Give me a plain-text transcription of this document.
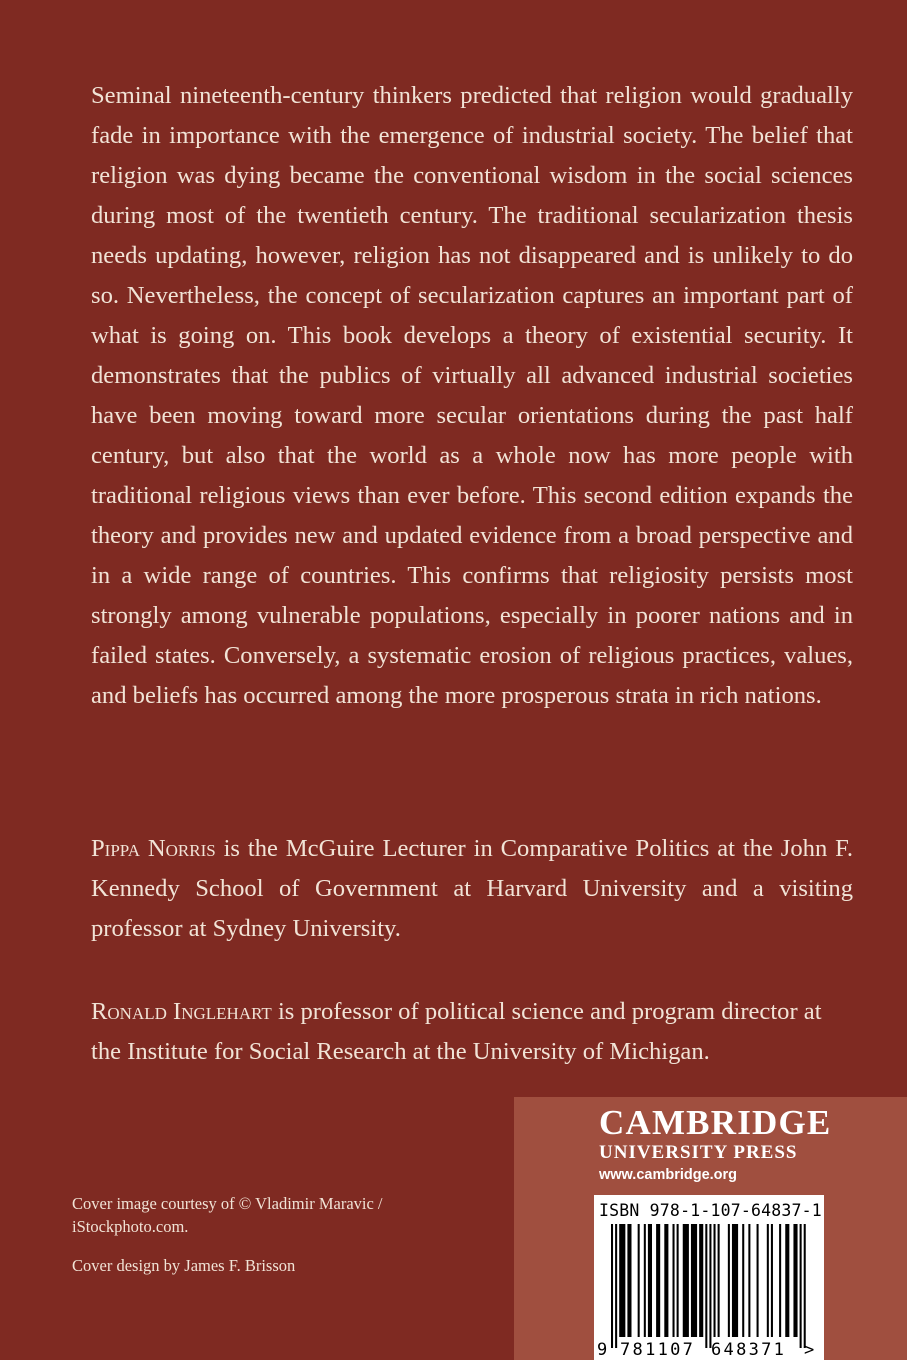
Seminal nineteenth-century thinkers predicted that religion would gradually fade in importance with the emergence of industrial society. The belief that religion was dying became the conventional wisdom in the social sciences during most of the twentieth century. The traditional secularization thesis needs updating, however, religion has not disappeared and is unlikely to do so. Nevertheless, the concept of secularization captures an important part of what is going on. This book develops a theory of existential security. It demonstrates that the publics of virtually all advanced industrial societies have been moving toward more secular orientations during the past half century, but also that the world as a whole now has more people with traditional religious views than ever before. This second edition expands the theory and provides new and updated evidence from a broad perspective and in a wide range of countries. This confirms that religiosity persists most strongly among vulnerable populations, especially in poorer nations and in failed states. Conversely, a systematic erosion of religious practices, values, and beliefs has occurred among the more prosperous strata in rich nations.

Pippa Norris is the McGuire Lecturer in Comparative Politics at the John F. Kennedy School of Government at Harvard University and a visiting professor at Sydney University.

Ronald Inglehart is professor of political science and program director at the Institute for Social Research at the University of Michigan.

Cover image courtesy of © Vladimir Maravic / iStockphoto.com.

Cover design by James F. Brisson

CAMBRIDGE

UNIVERSITY PRESS

www.cambridge.org

ISBN 978-1-107-64837-1

9 781107 648371 >
